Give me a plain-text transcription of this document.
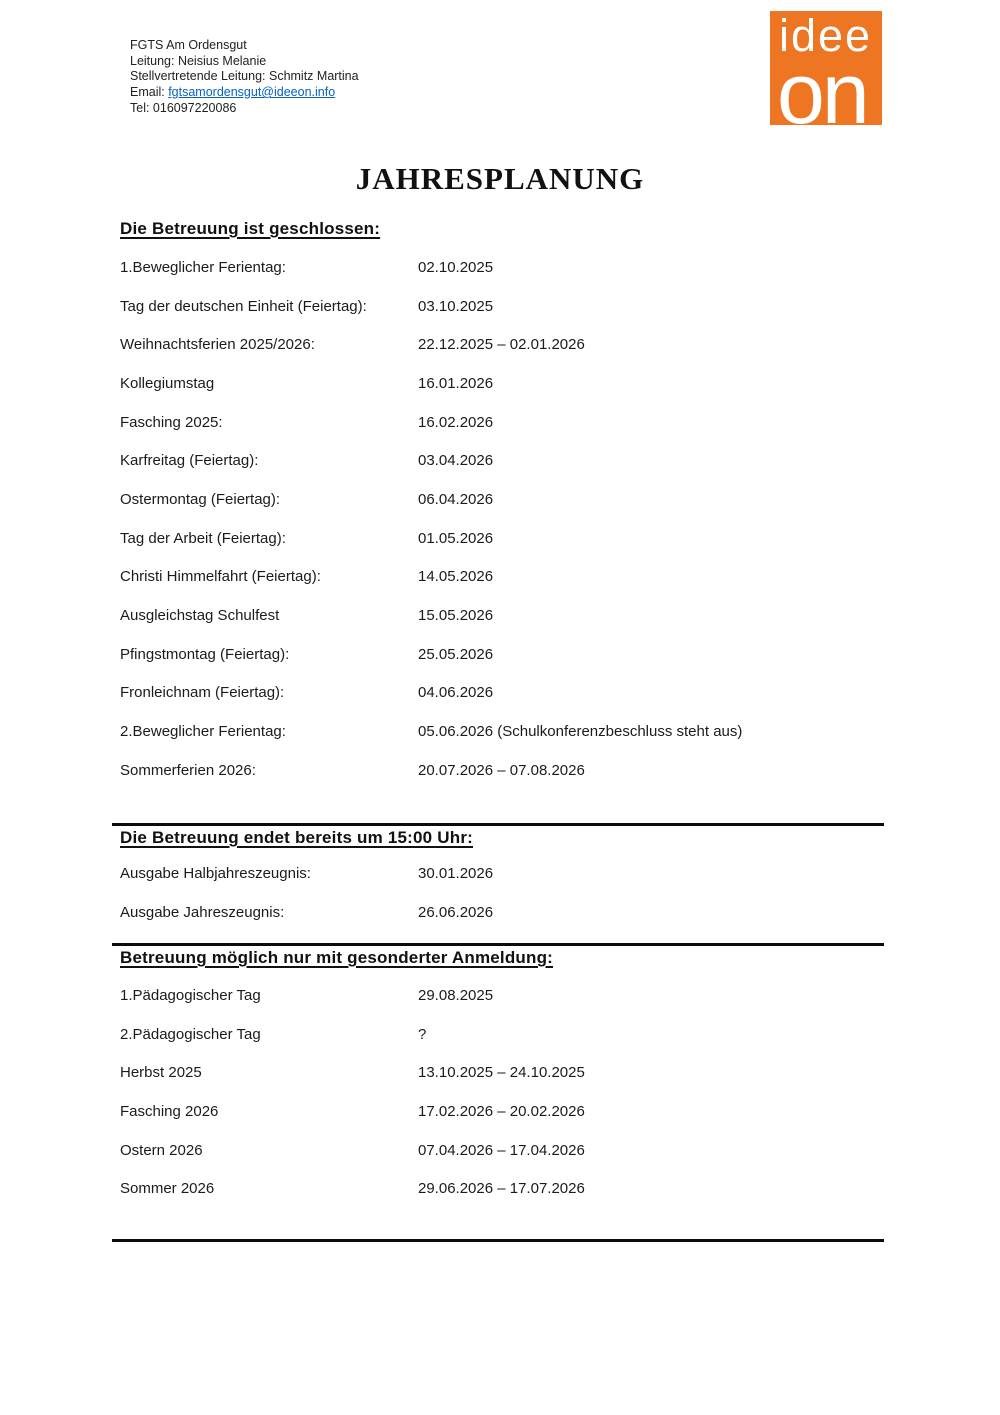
FGTS Am Ordensgut
Leitung: Neisius Melanie
Stellvertretende Leitung: Schmitz Martina
Email: fgtsamordensgut@ideeon.info
Tel: 016097220086
idee
on
JAHRESPLANUNG
Die Betreuung ist geschlossen:
1.Beweglicher Ferientag:	02.10.2025
Tag der deutschen Einheit (Feiertag):	03.10.2025
Weihnachtsferien 2025/2026:	22.12.2025 – 02.01.2026
Kollegiumstag	16.01.2026
Fasching 2025:	16.02.2026
Karfreitag (Feiertag):	03.04.2026
Ostermontag (Feiertag):	06.04.2026
Tag der Arbeit (Feiertag):	01.05.2026
Christi Himmelfahrt (Feiertag):	14.05.2026
Ausgleichstag Schulfest	15.05.2026
Pfingstmontag (Feiertag):	25.05.2026
Fronleichnam (Feiertag):	04.06.2026
2.Beweglicher Ferientag:	05.06.2026 (Schulkonferenzbeschluss steht aus)
Sommerferien 2026:	20.07.2026 – 07.08.2026
Die Betreuung endet bereits um 15:00 Uhr:
Ausgabe Halbjahreszeugnis:	30.01.2026
Ausgabe Jahreszeugnis:	26.06.2026
Betreuung möglich nur mit gesonderter Anmeldung:
1.Pädagogischer Tag	29.08.2025
2.Pädagogischer Tag	?
Herbst 2025	13.10.2025 – 24.10.2025
Fasching 2026	17.02.2026 – 20.02.2026
Ostern 2026	07.04.2026 – 17.04.2026
Sommer 2026	29.06.2026 – 17.07.2026
